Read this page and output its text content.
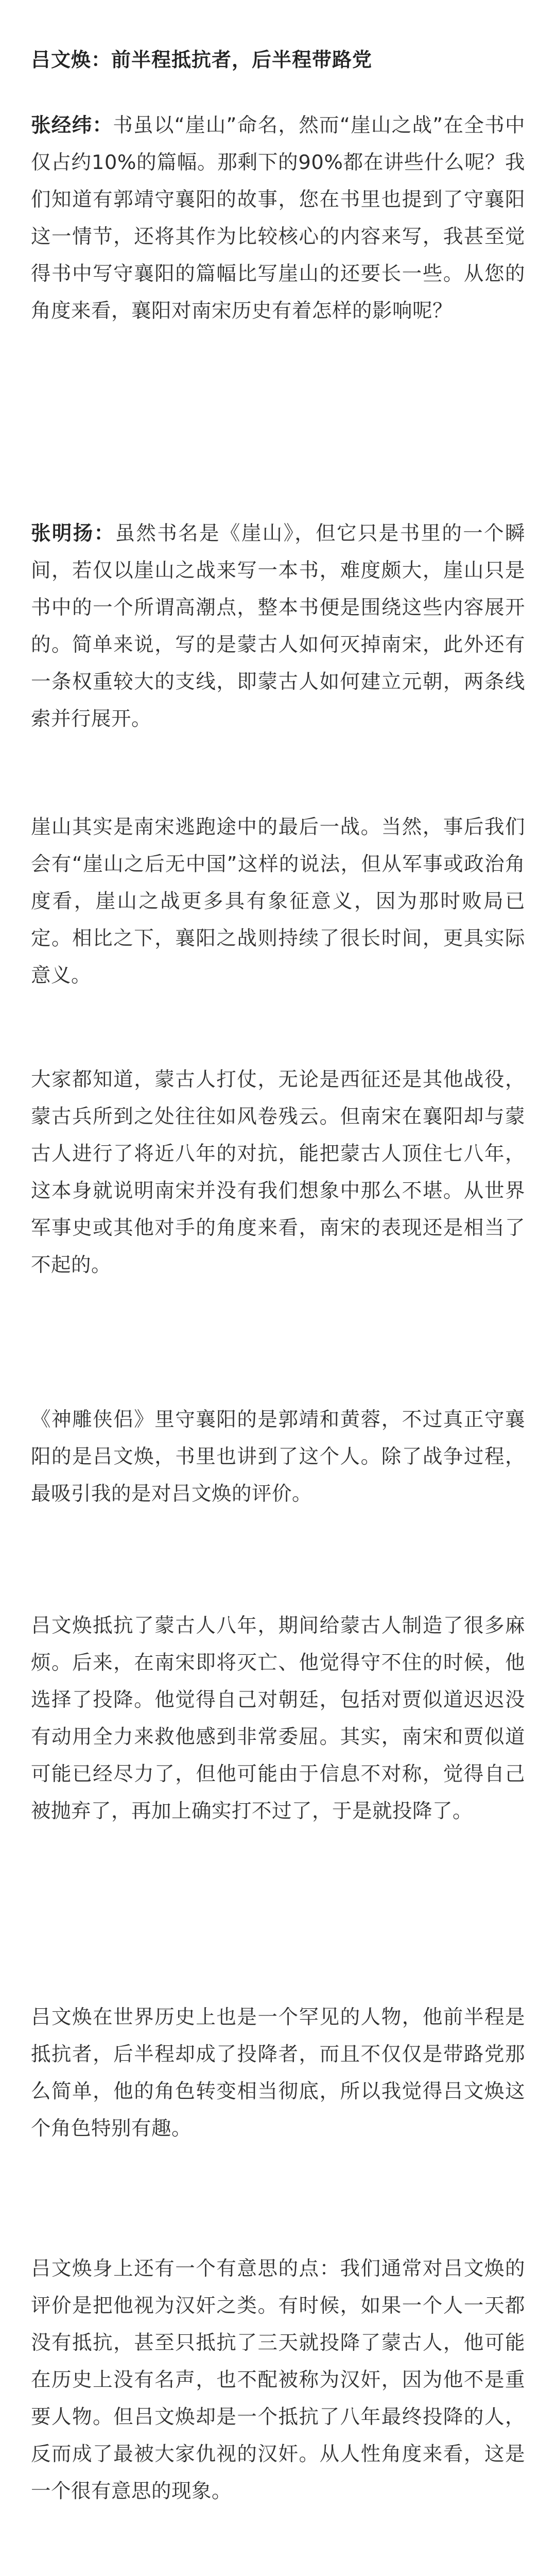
吕文焕：前半程抵抗者，后半程带路党

张经纬：书虽以“崖山”命名，然而“崖山之战”在全书中仅占约10%的篇幅。那剩下的90%都在讲些什么呢？我们知道有郭靖守襄阳的故事，您在书里也提到了守襄阳这一情节，还将其作为比较核心的内容来写，我甚至觉得书中写守襄阳的篇幅比写崖山的还要长一些。从您的角度来看，襄阳对南宋历史有着怎样的影响呢？

张明扬：虽然书名是《崖山》，但它只是书里的一个瞬间，若仅以崖山之战来写一本书，难度颇大，崖山只是书中的一个所谓高潮点，整本书便是围绕这些内容展开的。简单来说，写的是蒙古人如何灭掉南宋，此外还有一条权重较大的支线，即蒙古人如何建立元朝，两条线索并行展开。

崖山其实是南宋逃跑途中的最后一战。当然，事后我们会有“崖山之后无中国”这样的说法，但从军事或政治角度看，崖山之战更多具有象征意义，因为那时败局已定。相比之下，襄阳之战则持续了很长时间，更具实际意义。

大家都知道，蒙古人打仗，无论是西征还是其他战役，蒙古兵所到之处往往如风卷残云。但南宋在襄阳却与蒙古人进行了将近八年的对抗，能把蒙古人顶住七八年，这本身就说明南宋并没有我们想象中那么不堪。从世界军事史或其他对手的角度来看，南宋的表现还是相当了不起的。

《神雕侠侣》里守襄阳的是郭靖和黄蓉，不过真正守襄阳的是吕文焕，书里也讲到了这个人。除了战争过程，最吸引我的是对吕文焕的评价。

吕文焕抵抗了蒙古人八年，期间给蒙古人制造了很多麻烦。后来，在南宋即将灭亡、他觉得守不住的时候，他选择了投降。他觉得自己对朝廷，包括对贾似道迟迟没有动用全力来救他感到非常委屈。其实，南宋和贾似道可能已经尽力了，但他可能由于信息不对称，觉得自己被抛弃了，再加上确实打不过了，于是就投降了。

吕文焕在世界历史上也是一个罕见的人物，他前半程是抵抗者，后半程却成了投降者，而且不仅仅是带路党那么简单，他的角色转变相当彻底，所以我觉得吕文焕这个角色特别有趣。

吕文焕身上还有一个有意思的点：我们通常对吕文焕的评价是把他视为汉奸之类。有时候，如果一个人一天都没有抵抗，甚至只抵抗了三天就投降了蒙古人，他可能在历史上没有名声，也不配被称为汉奸，因为他不是重要人物。但吕文焕却是一个抵抗了八年最终投降的人，反而成了最被大家仇视的汉奸。从人性角度来看，这是一个很有意思的现象。
